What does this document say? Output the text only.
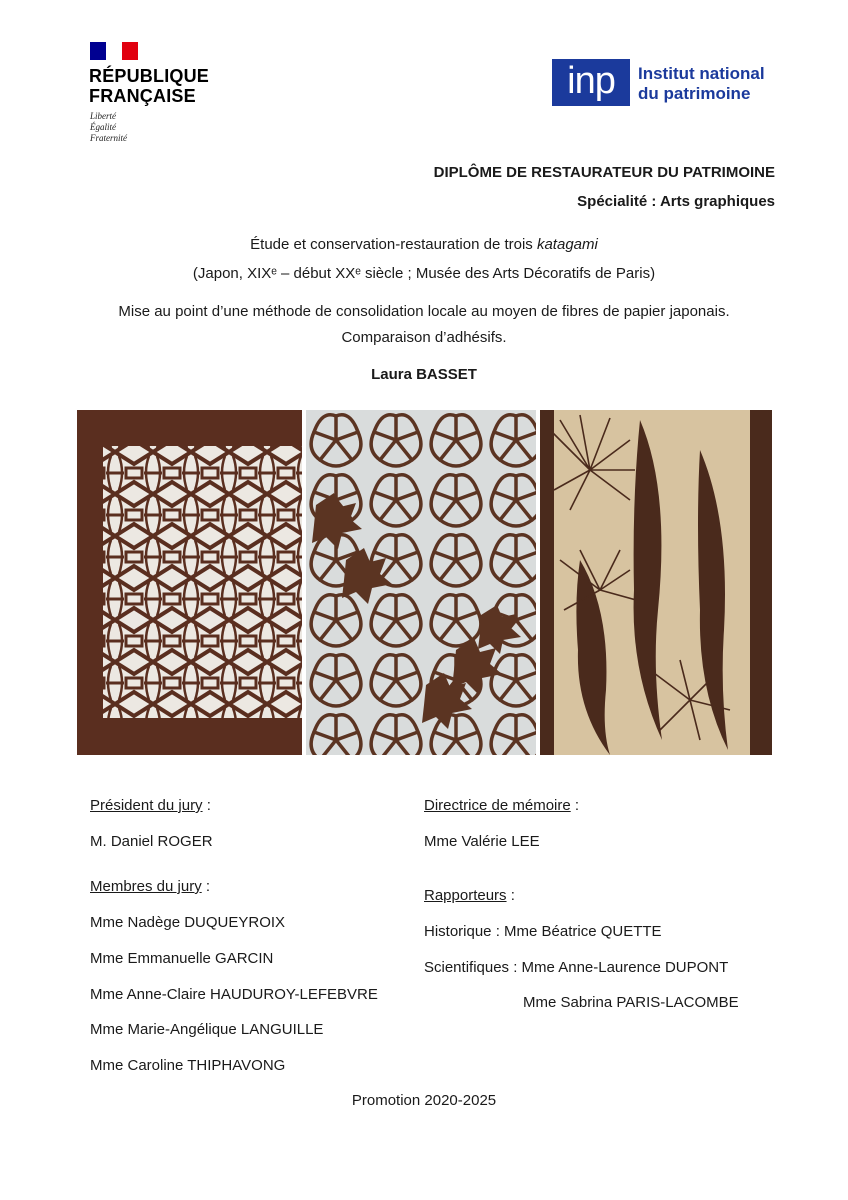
RÉPUBLIQUE
FRANÇAISE
Liberté
Égalité
Fraternité
inp	Institut national
du patrimoine
DIPLÔME DE RESTAURATEUR DU PATRIMOINE
Spécialité : Arts graphiques
Étude et conservation-restauration de trois katagami
(Japon, XIXᵉ – début XXᵉ siècle ; Musée des Arts Décoratifs de Paris)
Mise au point d’une méthode de consolidation locale au moyen de fibres de papier japonais.
Comparaison d’adhésifs.
Laura BASSET
Président du jury :
M. Daniel ROGER
Membres du jury :
Mme Nadège DUQUEYROIX
Mme Emmanuelle GARCIN
Mme Anne-Claire HAUDUROY-LEFEBVRE
Mme Marie-Angélique LANGUILLE
Mme Caroline THIPHAVONG
Directrice de mémoire :
Mme Valérie LEE
Rapporteurs :
Historique : Mme Béatrice QUETTE
Scientifiques : Mme Anne-Laurence DUPONT
Mme Sabrina PARIS-LACOMBE
Promotion 2020-2025
